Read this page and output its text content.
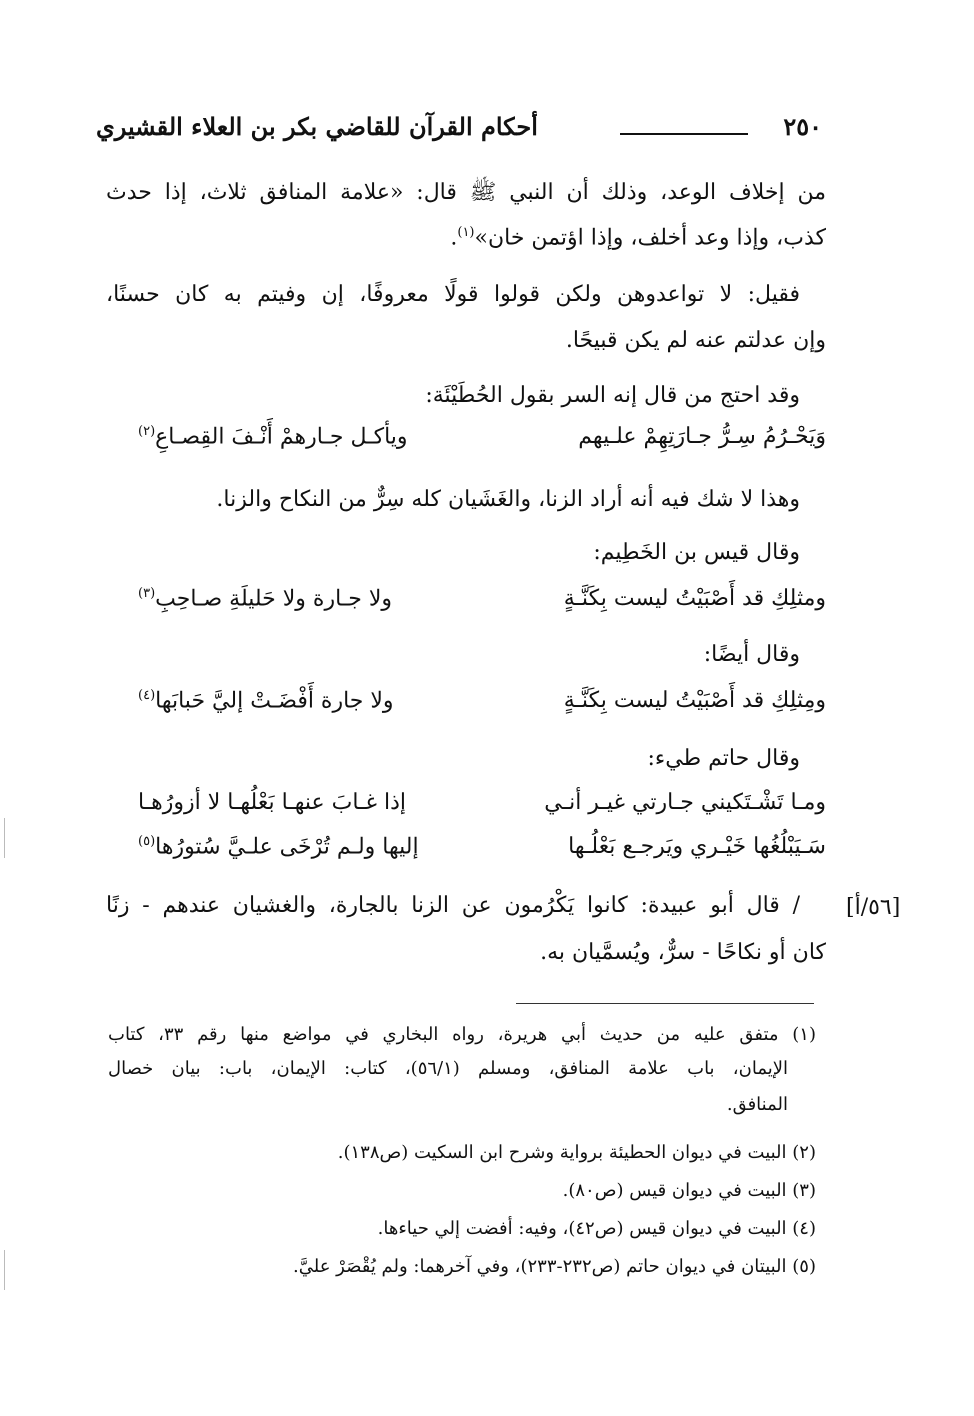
٢٥٠
أحكام القرآن للقاضي بكر بن العلاء القشيري
من إخلاف الوعد، وذلك أن النبي ﷺ قال: «علامة المنافق ثلاث، إذا حدث
كذب، وإذا وعد أخلف، وإذا اؤتمن خان»$^{(١)}$.
فقيل: لا تواعدوهن ولكن قولوا قولًا معروفًا، إن وفيتم به كان حسنًا،
وإن عدلتم عنه لم يكن قبيحًا.
وقد احتج من قال إنه السر بقول الحُطَيْئَة:
وَيَحْـرُمُ سِـرُّ جـارَتِهِمْ علـيهم
ويأكـل جـارهمْ أَنْـفَ القِصـاعِ$^{(٢)}$
وهذا لا شك فيه أنه أراد الزنا، والغَشَيان كله سِرٌّ من النكاح والزنا.
وقال قيس بن الخَطِيم:
ومثلِكِ قد أَصْبَيْتُ ليست بِكَنَّـةٍ
ولا جـارة ولا حَليلَةِ صـاحِبِ$^{(٣)}$
وقال أيضًا:
ومِثلِكِ قد أَصْبَيْتُ ليست بِكَنَّـةٍ
ولا جارة أَفْضَـتْ إليَّ حَبابَها$^{(٤)}$
وقال حاتم طيء:
ومـا تَشْـتَكيني جـارتي غيـر أنـي
إذا غـابَ عنهـا بَعْلُهـا لا أزورُهـا
سَـيَبْلُغُها خَيْـري ويَرجـع بَعْلُـها
إليها ولـم تُرْخَى علـيَّ سُتورُها$^{(٥)}$
/ قال أبو عبيدة: كانوا يَكْرُمون عن الزنا بالجارة، والغشيان عندهم - زنًا
كان أو نكاحًا - سرٌّ، ويُسمَّيان به.
[٥٦/أ]
(١) متفق عليه من حديث أبي هريرة، رواه البخاري في مواضع منها رقم ٣٣، كتاب
الإيمان، باب علامة المنافق، ومسلم (٥٦/١)، كتاب: الإيمان، باب: بيان خصال
المنافق.
(٢) البيت في ديوان الحطيئة برواية وشرح ابن السكيت (ص١٣٨).
(٣) البيت في ديوان قيس (ص٨٠).
(٤) البيت في ديوان قيس (ص٤٢)، وفيه: أفضت إلي حياءها.
(٥) البيتان في ديوان حاتم (ص٢٣٢-٢٣٣)، وفي آخرهما: ولم يُقْصَرْ عليَّ.
